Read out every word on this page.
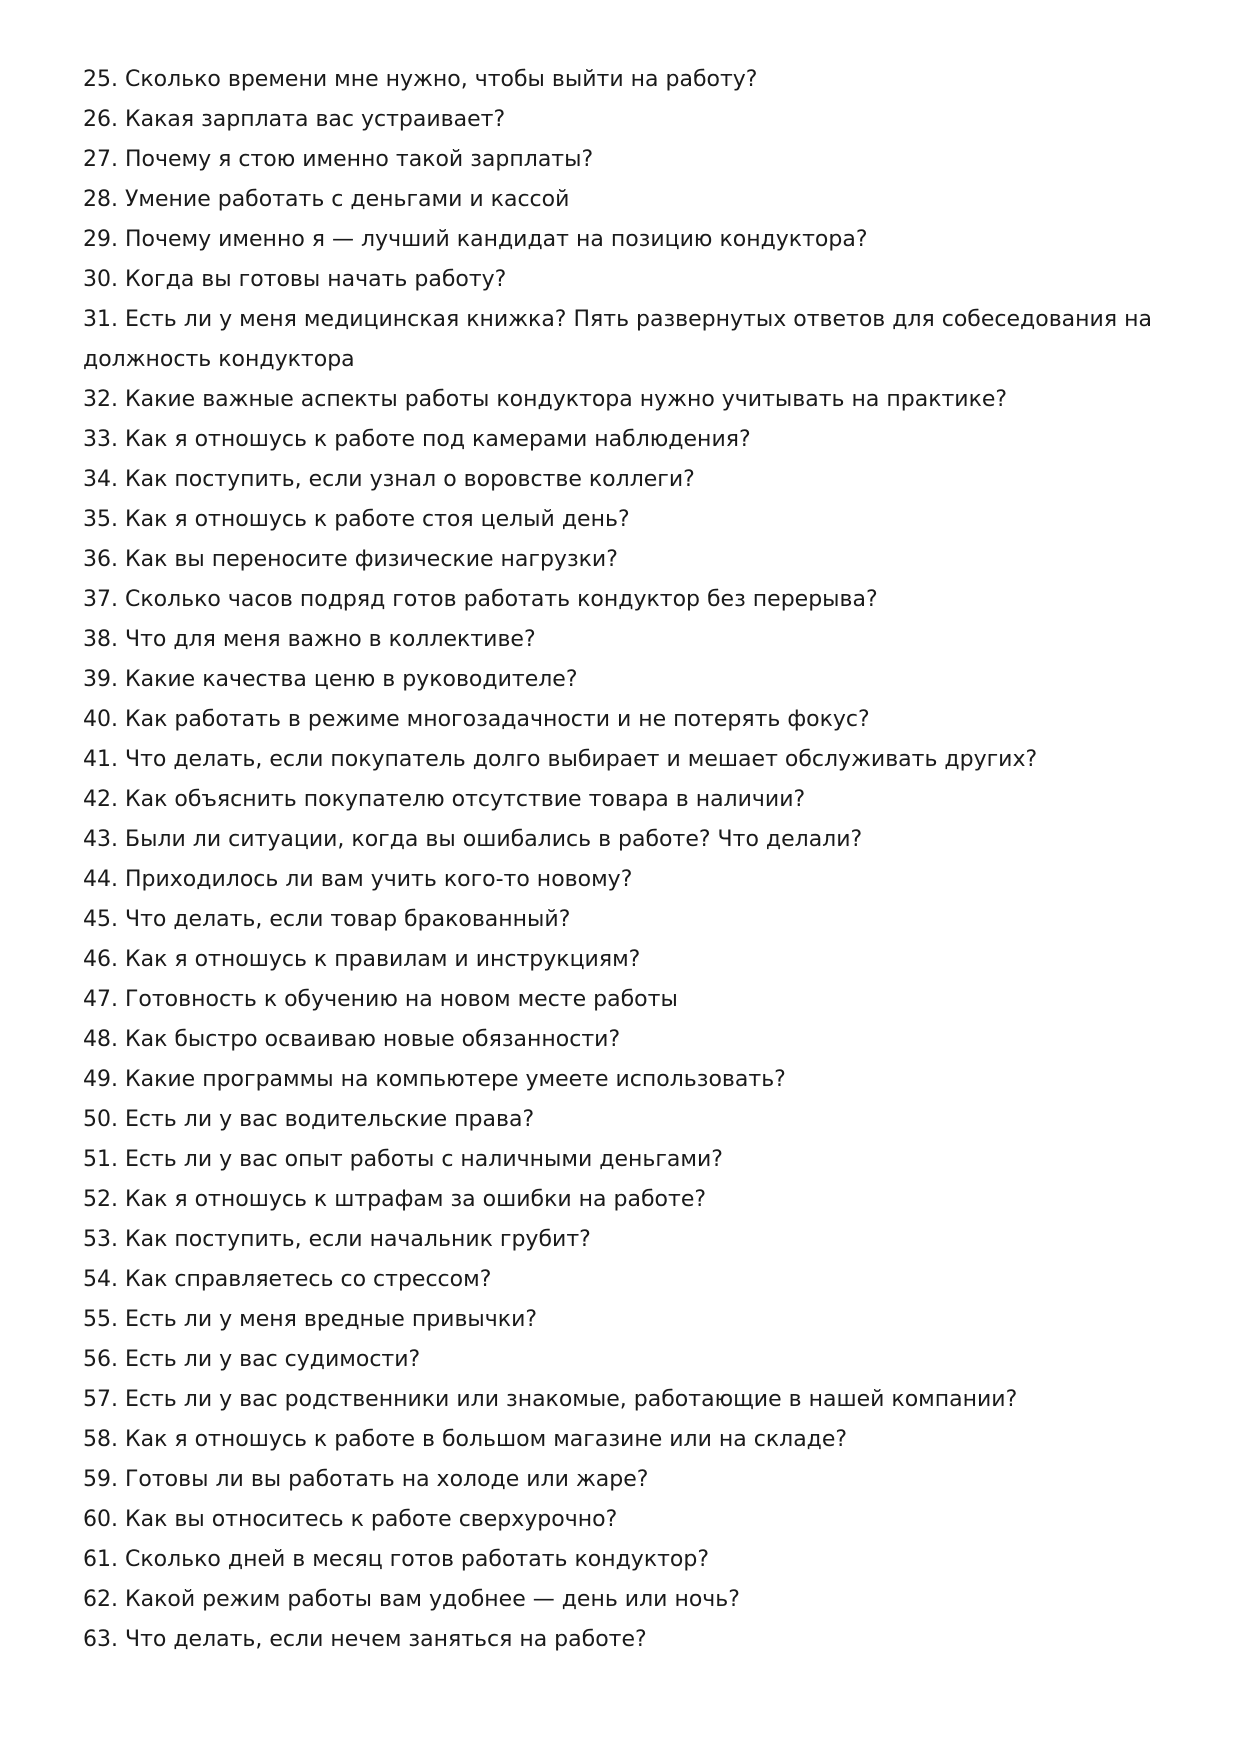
25. Сколько времени мне нужно, чтобы выйти на работу?
26. Какая зарплата вас устраивает?
27. Почему я стою именно такой зарплаты?
28. Умение работать с деньгами и кассой
29. Почему именно я — лучший кандидат на позицию кондуктора?
30. Когда вы готовы начать работу?
31. Есть ли у меня медицинская книжка? Пять развернутых ответов для собеседования на должность кондуктора
32. Какие важные аспекты работы кондуктора нужно учитывать на практике?
33. Как я отношусь к работе под камерами наблюдения?
34. Как поступить, если узнал о воровстве коллеги?
35. Как я отношусь к работе стоя целый день?
36. Как вы переносите физические нагрузки?
37. Сколько часов подряд готов работать кондуктор без перерыва?
38. Что для меня важно в коллективе?
39. Какие качества ценю в руководителе?
40. Как работать в режиме многозадачности и не потерять фокус?
41. Что делать, если покупатель долго выбирает и мешает обслуживать других?
42. Как объяснить покупателю отсутствие товара в наличии?
43. Были ли ситуации, когда вы ошибались в работе? Что делали?
44. Приходилось ли вам учить кого-то новому?
45. Что делать, если товар бракованный?
46. Как я отношусь к правилам и инструкциям?
47. Готовность к обучению на новом месте работы
48. Как быстро осваиваю новые обязанности?
49. Какие программы на компьютере умеете использовать?
50. Есть ли у вас водительские права?
51. Есть ли у вас опыт работы с наличными деньгами?
52. Как я отношусь к штрафам за ошибки на работе?
53. Как поступить, если начальник грубит?
54. Как справляетесь со стрессом?
55. Есть ли у меня вредные привычки?
56. Есть ли у вас судимости?
57. Есть ли у вас родственники или знакомые, работающие в нашей компании?
58. Как я отношусь к работе в большом магазине или на складе?
59. Готовы ли вы работать на холоде или жаре?
60. Как вы относитесь к работе сверхурочно?
61. Сколько дней в месяц готов работать кондуктор?
62. Какой режим работы вам удобнее — день или ночь?
63. Что делать, если нечем заняться на работе?
